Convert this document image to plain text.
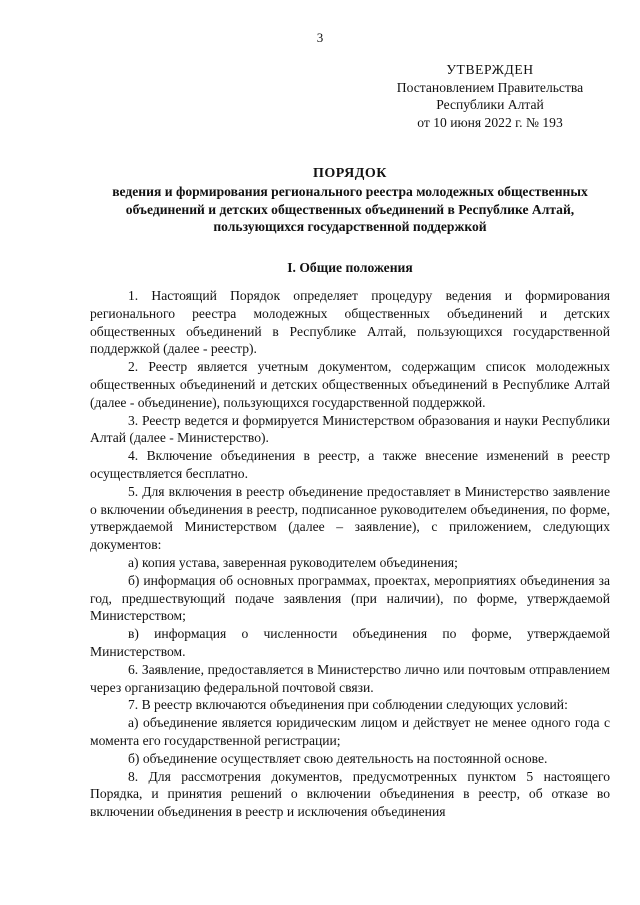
3
УТВЕРЖДЕН
Постановлением Правительства
Республики Алтай
от 10 июня 2022 г. № 193
ПОРЯДОК
ведения и формирования регионального реестра молодежных общественных объединений и детских общественных объединений в Республике Алтай, пользующихся государственной поддержкой
I. Общие положения

1. Настоящий Порядок определяет процедуру ведения и формирования регионального реестра молодежных общественных объединений и детских общественных объединений в Республике Алтай, пользующихся государственной поддержкой (далее - реестр).

2. Реестр является учетным документом, содержащим список молодежных общественных объединений и детских общественных объединений в Республике Алтай (далее - объединение), пользующихся государственной поддержкой.

3. Реестр ведется и формируется Министерством образования и науки Республики Алтай (далее - Министерство).

4. Включение объединения в реестр, а также внесение изменений в реестр осуществляется бесплатно.

5. Для включения в реестр объединение предоставляет в Министерство заявление о включении объединения в реестр, подписанное руководителем объединения, по форме, утверждаемой Министерством (далее – заявление), с приложением, следующих документов:

а) копия устава, заверенная руководителем объединения;

б) информация об основных программах, проектах, мероприятиях объединения за год, предшествующий подаче заявления (при наличии), по форме, утверждаемой Министерством;

в) информация о численности объединения по форме, утверждаемой Министерством.

6. Заявление, предоставляется в Министерство лично или почтовым отправлением через организацию федеральной почтовой связи.

7. В реестр включаются объединения при соблюдении следующих условий:

а) объединение является юридическим лицом и действует не менее одного года с момента его государственной регистрации;

б) объединение осуществляет свою деятельность на постоянной основе.

8. Для рассмотрения документов, предусмотренных пунктом 5 настоящего Порядка, и принятия решений о включении объединения в реестр, об отказе во включении объединения в реестр и исключения объединения
